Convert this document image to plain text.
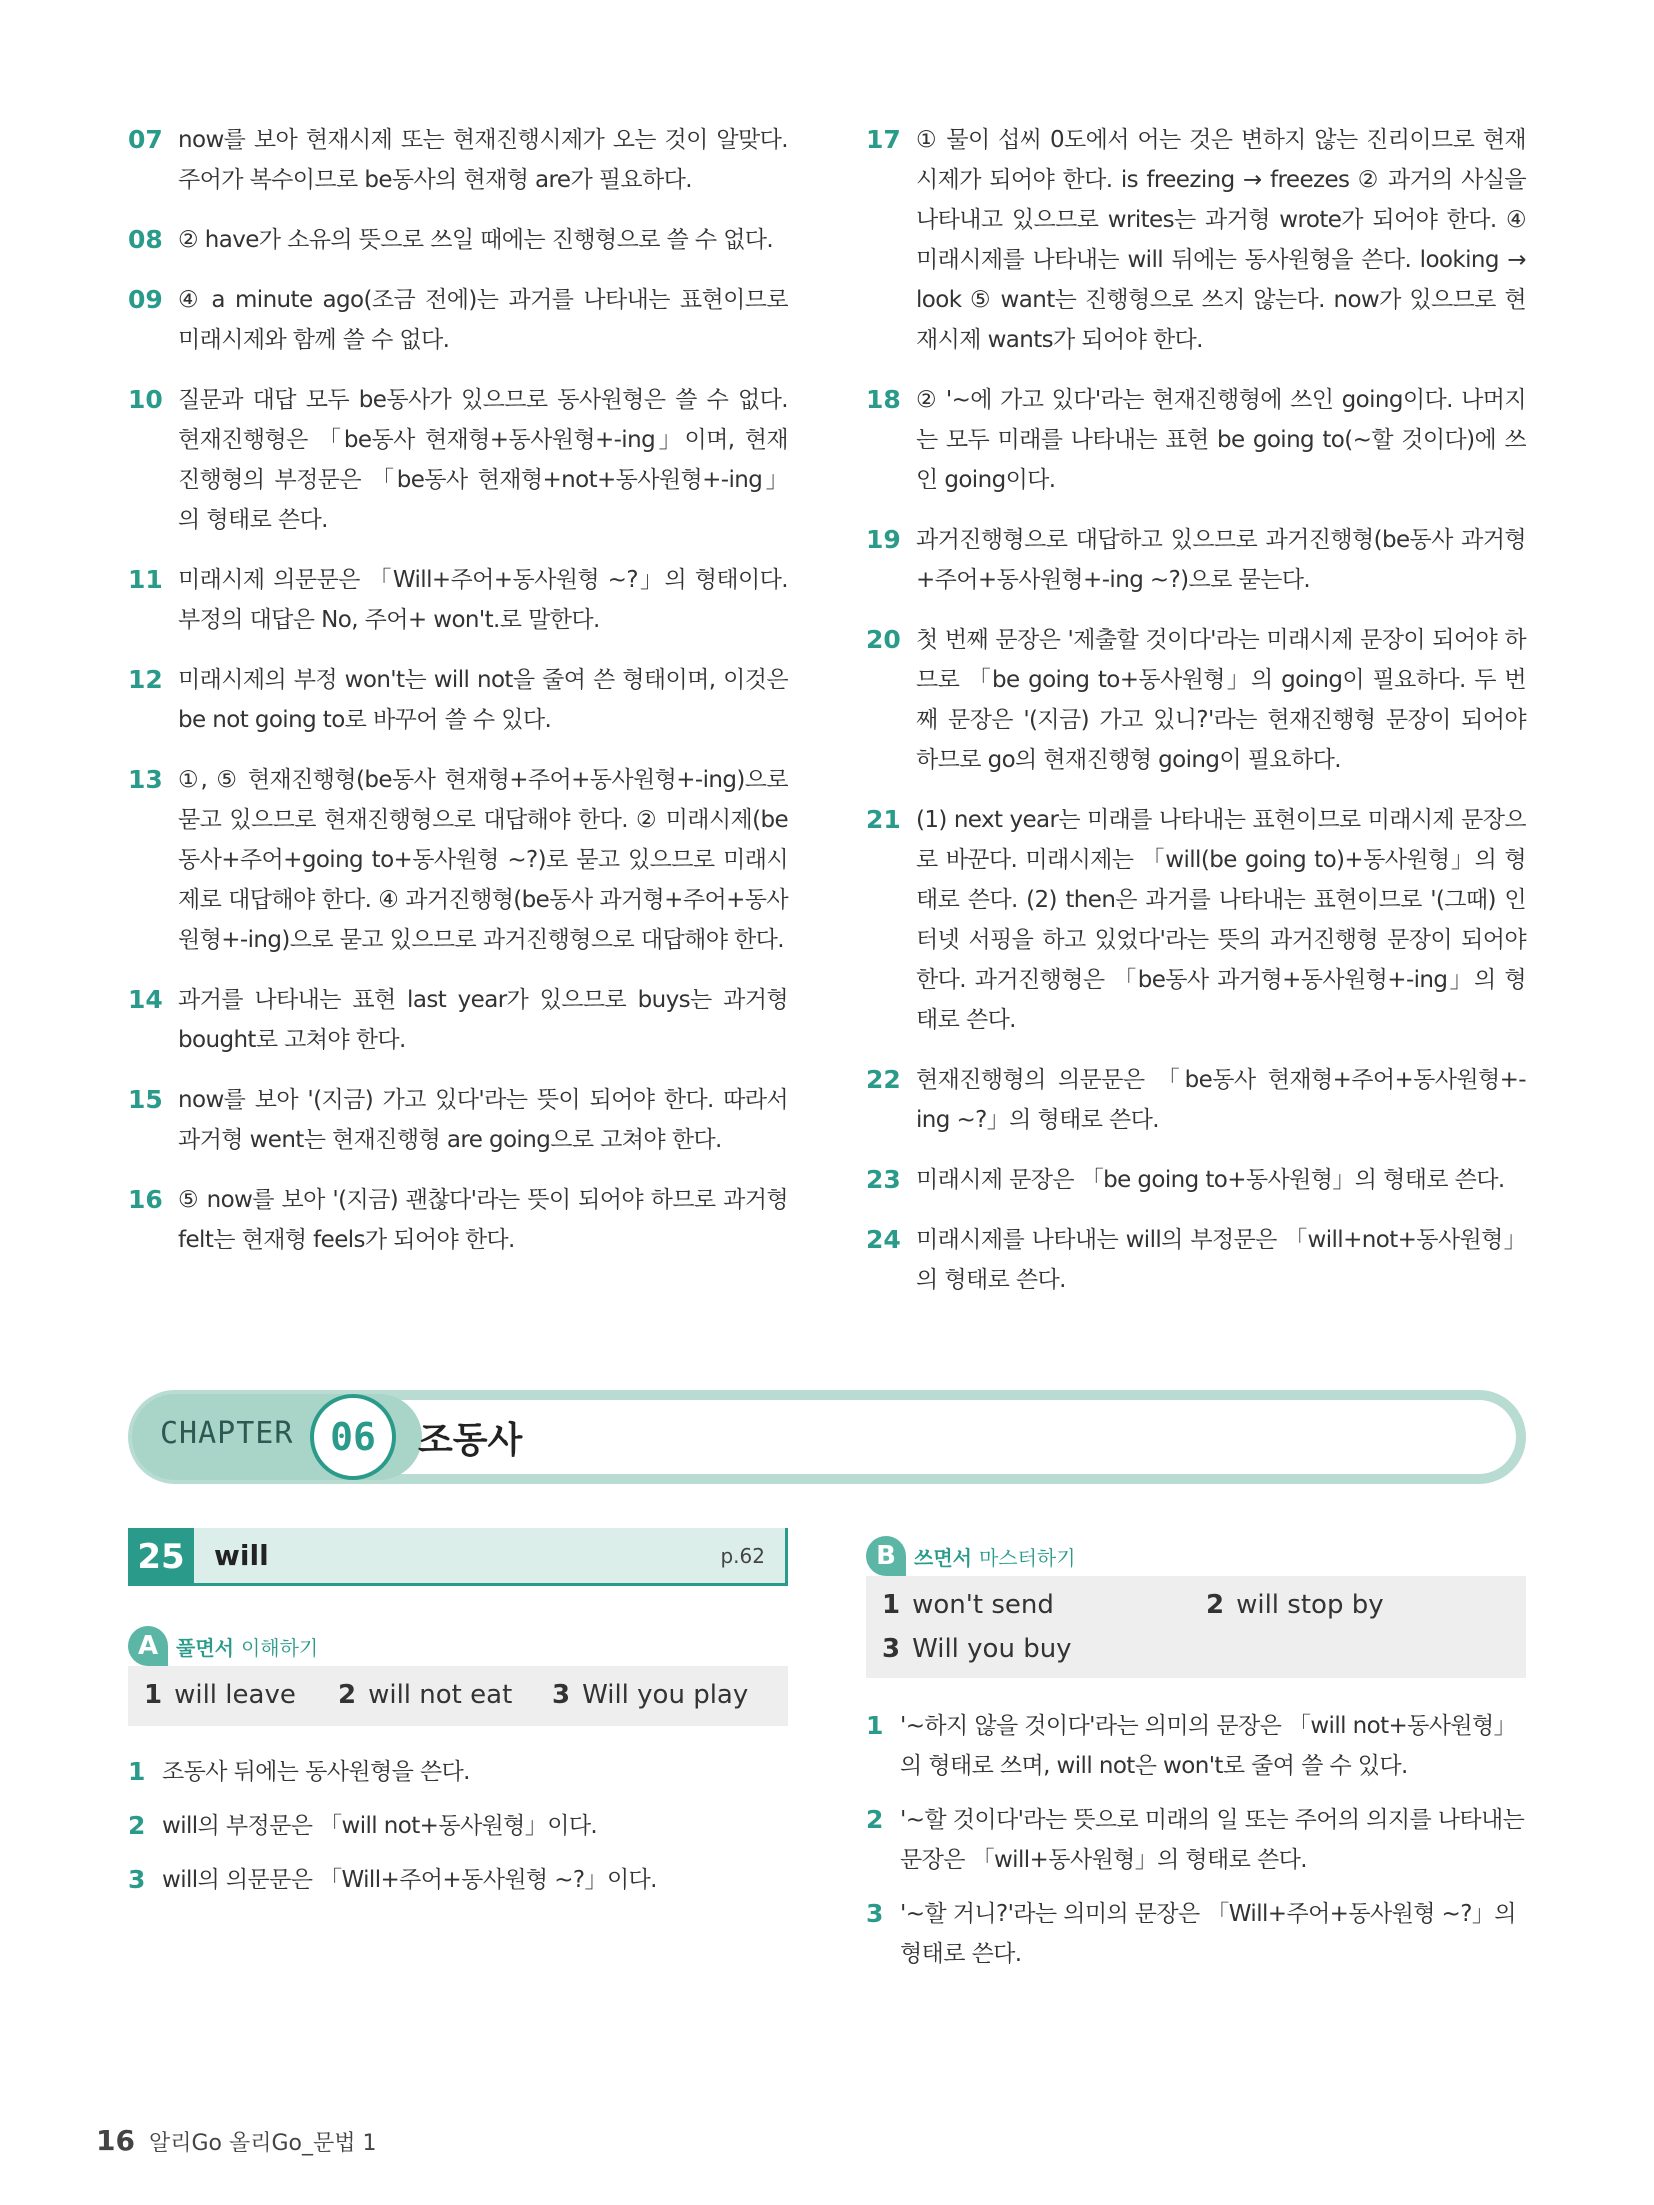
07 now를 보아 현재시제 또는 현재진행시제가 오는 것이 알맞다. 주어가 복수이므로 be동사의 현재형 are가 필요하다.
08 ② have가 소유의 뜻으로 쓰일 때에는 진행형으로 쓸 수 없다.
09 ④ a minute ago(조금 전에)는 과거를 나타내는 표현이므로 미래시제와 함께 쓸 수 없다.
10 질문과 대답 모두 be동사가 있으므로 동사원형은 쓸 수 없다. 현재진행형은 「be동사 현재형+동사원형+-ing」이며, 현재진행형의 부정문은 「be동사 현재형+not+동사원형+-ing」의 형태로 쓴다.
11 미래시제 의문문은 「Will+주어+동사원형 ~?」의 형태이다. 부정의 대답은 No, 주어+ won't.로 말한다.
12 미래시제의 부정 won't는 will not을 줄여 쓴 형태이며, 이것은 be not going to로 바꾸어 쓸 수 있다.
13 ①, ⑤ 현재진행형(be동사 현재형+주어+동사원형+-ing)으로 묻고 있으므로 현재진행형으로 대답해야 한다. ② 미래시제(be동사+주어+going to+동사원형 ~?)로 묻고 있으므로 미래시제로 대답해야 한다. ④ 과거진행형(be동사 과거형+주어+동사원형+-ing)으로 묻고 있으므로 과거진행형으로 대답해야 한다.
14 과거를 나타내는 표현 last year가 있으므로 buys는 과거형 bought로 고쳐야 한다.
15 now를 보아 '(지금) 가고 있다'라는 뜻이 되어야 한다. 따라서 과거형 went는 현재진행형 are going으로 고쳐야 한다.
16 ⑤ now를 보아 '(지금) 괜찮다'라는 뜻이 되어야 하므로 과거형 felt는 현재형 feels가 되어야 한다.
17 ① 물이 섭씨 0도에서 어는 것은 변하지 않는 진리이므로 현재시제가 되어야 한다. is freezing → freezes ② 과거의 사실을 나타내고 있으므로 writes는 과거형 wrote가 되어야 한다. ④ 미래시제를 나타내는 will 뒤에는 동사원형을 쓴다. looking → look ⑤ want는 진행형으로 쓰지 않는다. now가 있으므로 현재시제 wants가 되어야 한다.
18 ② '~에 가고 있다'라는 현재진행형에 쓰인 going이다. 나머지는 모두 미래를 나타내는 표현 be going to(~할 것이다)에 쓰인 going이다.
19 과거진행형으로 대답하고 있으므로 과거진행형(be동사 과거형+주어+동사원형+-ing ~?)으로 묻는다.
20 첫 번째 문장은 '제출할 것이다'라는 미래시제 문장이 되어야 하므로 「be going to+동사원형」의 going이 필요하다. 두 번째 문장은 '(지금) 가고 있니?'라는 현재진행형 문장이 되어야 하므로 go의 현재진행형 going이 필요하다.
21 (1) next year는 미래를 나타내는 표현이므로 미래시제 문장으로 바꾼다. 미래시제는 「will(be going to)+동사원형」의 형태로 쓴다. (2) then은 과거를 나타내는 표현이므로 '(그때) 인터넷 서핑을 하고 있었다'라는 뜻의 과거진행형 문장이 되어야 한다. 과거진행형은 「be동사 과거형+동사원형+-ing」의 형태로 쓴다.
22 현재진행형의 의문문은 「be동사 현재형+주어+동사원형+-ing ~?」의 형태로 쓴다.
23 미래시제 문장은 「be going to+동사원형」의 형태로 쓴다.
24 미래시제를 나타내는 will의 부정문은 「will+not+동사원형」의 형태로 쓴다.
CHAPTER 06	조동사
25	will	p.62
A 풀면서 이해하기
1 will leave 2 will not eat 3 Will you play
1 조동사 뒤에는 동사원형을 쓴다.
2 will의 부정문은 「will not+동사원형」이다.
3 will의 의문문은 「Will+주어+동사원형 ~?」이다.
B 쓰면서 마스터하기
1 won't send	2 will stop by
3 Will you buy
1 '~하지 않을 것이다'라는 의미의 문장은 「will not+동사원형」의 형태로 쓰며, will not은 won't로 줄여 쓸 수 있다.
2 '~할 것이다'라는 뜻으로 미래의 일 또는 주어의 의지를 나타내는 문장은 「will+동사원형」의 형태로 쓴다.
3 '~할 거니?'라는 의미의 문장은 「Will+주어+동사원형 ~?」의 형태로 쓴다.
16 알리Go 올리Go_문법 1
